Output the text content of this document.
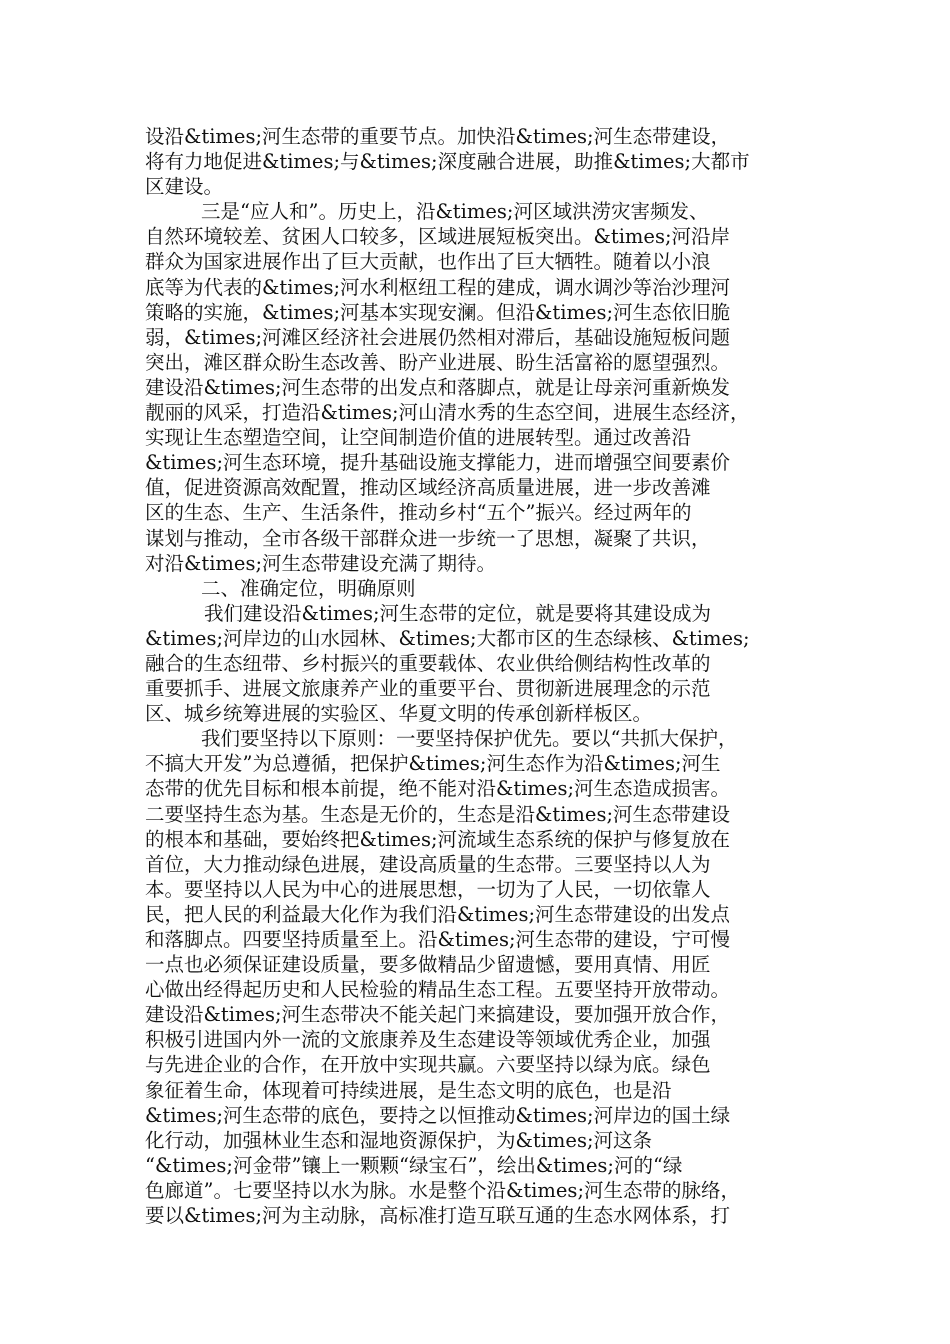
设沿&times;河生态带的重要节点。加快沿&times;河生态带建设，
将有力地促进&times;与&times;深度融合进展，助推&times;大都市
区建设。
三是“应人和”。历史上，沿&times;河区域洪涝灾害频发、
自然环境较差、贫困人口较多，区域进展短板突出。&times;河沿岸
群众为国家进展作出了巨大贡献，也作出了巨大牺牲。随着以小浪
底等为代表的&times;河水利枢纽工程的建成，调水调沙等治沙理河
策略的实施，&times;河基本实现安澜。但沿&times;河生态依旧脆
弱，&times;河滩区经济社会进展仍然相对滞后，基础设施短板问题
突出，滩区群众盼生态改善、盼产业进展、盼生活富裕的愿望强烈。
建设沿&times;河生态带的出发点和落脚点，就是让母亲河重新焕发
靓丽的风采，打造沿&times;河山清水秀的生态空间，进展生态经济，
实现让生态塑造空间，让空间制造价值的进展转型。通过改善沿
&times;河生态环境，提升基础设施支撑能力，进而增强空间要素价
值，促进资源高效配置，推动区域经济高质量进展，进一步改善滩
区的生态、生产、生活条件，推动乡村“五个”振兴。经过两年的
谋划与推动，全市各级干部群众进一步统一了思想，凝聚了共识，
对沿&times;河生态带建设充满了期待。
二、准确定位，明确原则
我们建设沿&times;河生态带的定位，就是要将其建设成为
&times;河岸边的山水园林、&times;大都市区的生态绿核、&times;
融合的生态纽带、乡村振兴的重要载体、农业供给侧结构性改革的
重要抓手、进展文旅康养产业的重要平台、贯彻新进展理念的示范
区、城乡统筹进展的实验区、华夏文明的传承创新样板区。
我们要坚持以下原则：一要坚持保护优先。要以“共抓大保护，
不搞大开发”为总遵循，把保护&times;河生态作为沿&times;河生
态带的优先目标和根本前提，绝不能对沿&times;河生态造成损害。
二要坚持生态为基。生态是无价的，生态是沿&times;河生态带建设
的根本和基础，要始终把&times;河流域生态系统的保护与修复放在
首位，大力推动绿色进展，建设高质量的生态带。三要坚持以人为
本。要坚持以人民为中心的进展思想，一切为了人民，一切依靠人
民，把人民的利益最大化作为我们沿&times;河生态带建设的出发点
和落脚点。四要坚持质量至上。沿&times;河生态带的建设，宁可慢
一点也必须保证建设质量，要多做精品少留遗憾，要用真情、用匠
心做出经得起历史和人民检验的精品生态工程。五要坚持开放带动。
建设沿&times;河生态带决不能关起门来搞建设，要加强开放合作，
积极引进国内外一流的文旅康养及生态建设等领域优秀企业，加强
与先进企业的合作，在开放中实现共赢。六要坚持以绿为底。绿色
象征着生命，体现着可持续进展，是生态文明的底色，也是沿
&times;河生态带的底色，要持之以恒推动&times;河岸边的国土绿
化行动，加强林业生态和湿地资源保护，为&times;河这条
“&times;河金带”镶上一颗颗“绿宝石”，绘出&times;河的“绿
色廊道”。七要坚持以水为脉。水是整个沿&times;河生态带的脉络，
要以&times;河为主动脉，高标准打造互联互通的生态水网体系，打
